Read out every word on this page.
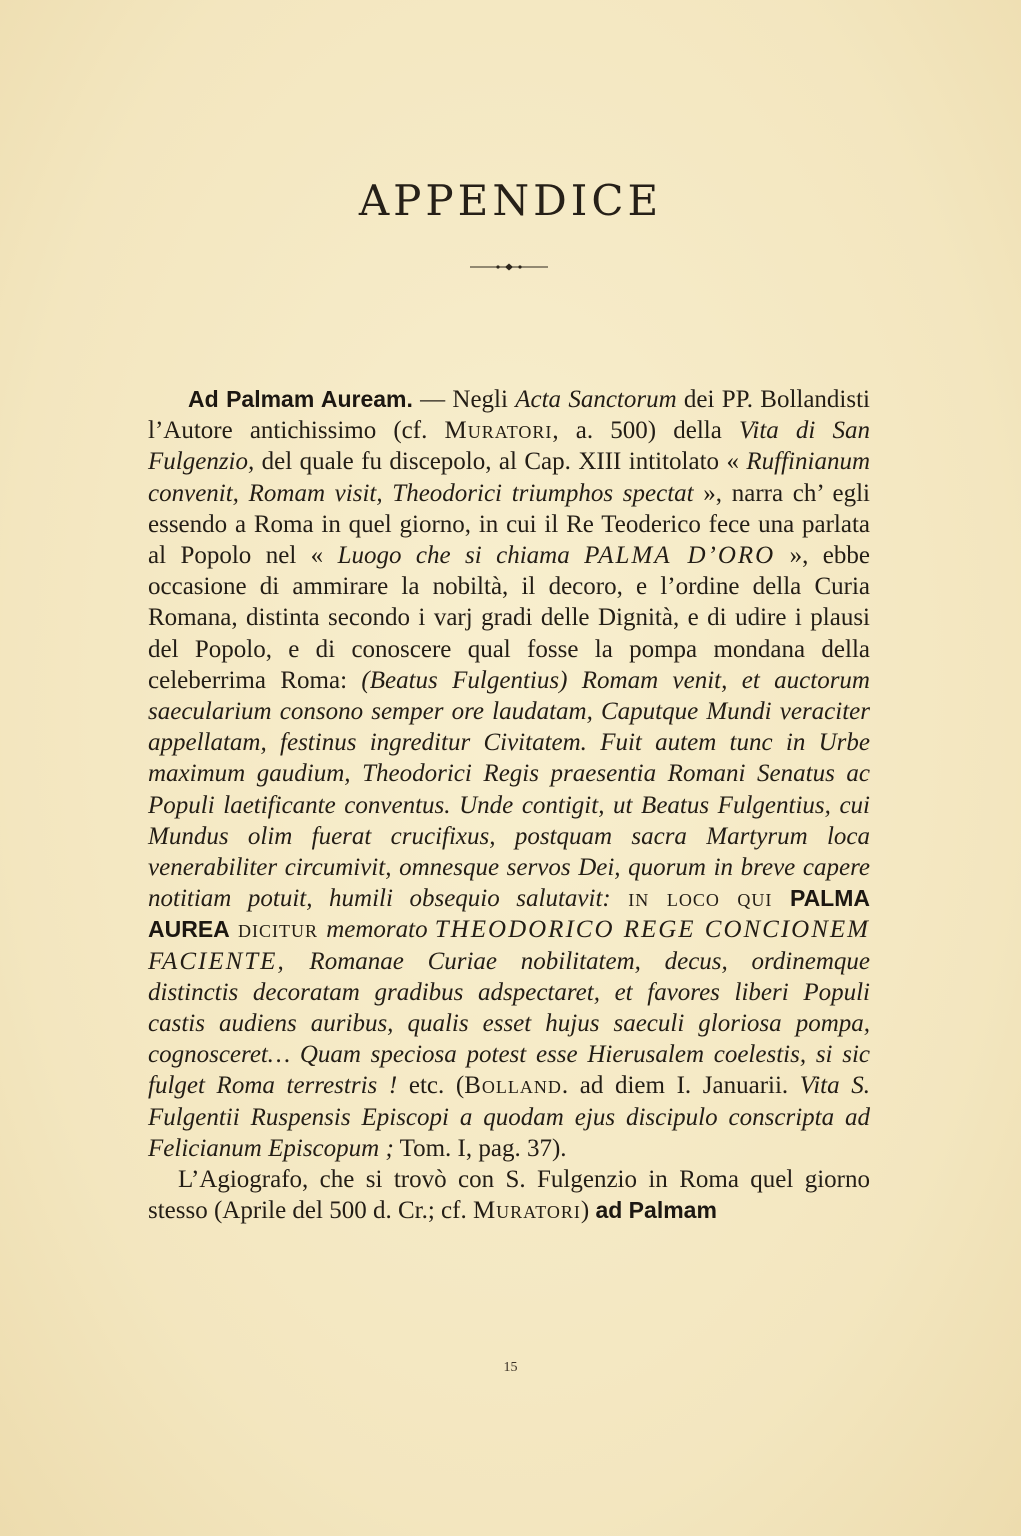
APPENDICE

Ad Palmam Auream. — Negli Acta Sanctorum dei PP. Bollandisti l’Autore antichissimo (cf. Muratori, a. 500) della Vita di San Fulgenzio, del quale fu discepolo, al Cap. XIII intitolato « Ruffinianum convenit, Romam visit, Theodorici triumphos spectat », narra ch’ egli essendo a Roma in quel giorno, in cui il Re Teoderico fece una parlata al Popolo nel « Luogo che si chiama PALMA D’ORO », ebbe occasione di ammirare la nobiltà, il decoro, e l’ordine della Curia Romana, distinta secondo i varj gradi delle Dignità, e di udire i plausi del Popolo, e di conoscere qual fosse la pompa mondana della celeberrima Roma: (Beatus Fulgentius) Romam venit, et auctorum saecularium consono semper ore laudatam, Caputque Mundi veraciter appellatam, festinus ingreditur Civitatem. Fuit autem tunc in Urbe maximum gaudium, Theodorici Regis praesentia Romani Senatus ac Populi laetificante conventus. Unde contigit, ut Beatus Fulgentius, cui Mundus olim fuerat crucifixus, postquam sacra Martyrum loca venerabiliter circumivit, omnesque servos Dei, quorum in breve capere notitiam potuit, humili obsequio salutavit: in loco qui PALMA AUREA dicitur memorato THEODORICO REGE CONCIONEM FACIENTE, Romanae Curiae nobilitatem, decus, ordinemque distinctis decoratam gradibus adspectaret, et favores liberi Populi castis audiens auribus, qualis esset hujus saeculi gloriosa pompa, cognosceret… Quam speciosa potest esse Hierusalem coelestis, si sic fulget Roma terrestris ! etc. (Bolland. ad diem I. Januarii. Vita S. Fulgentii Ruspensis Episcopi a quodam ejus discipulo conscripta ad Felicianum Episcopum ; Tom. I, pag. 37).

L’Agiografo, che si trovò con S. Fulgenzio in Roma quel giorno stesso (Aprile del 500 d. Cr.; cf. Muratori) ad Palmam

15
